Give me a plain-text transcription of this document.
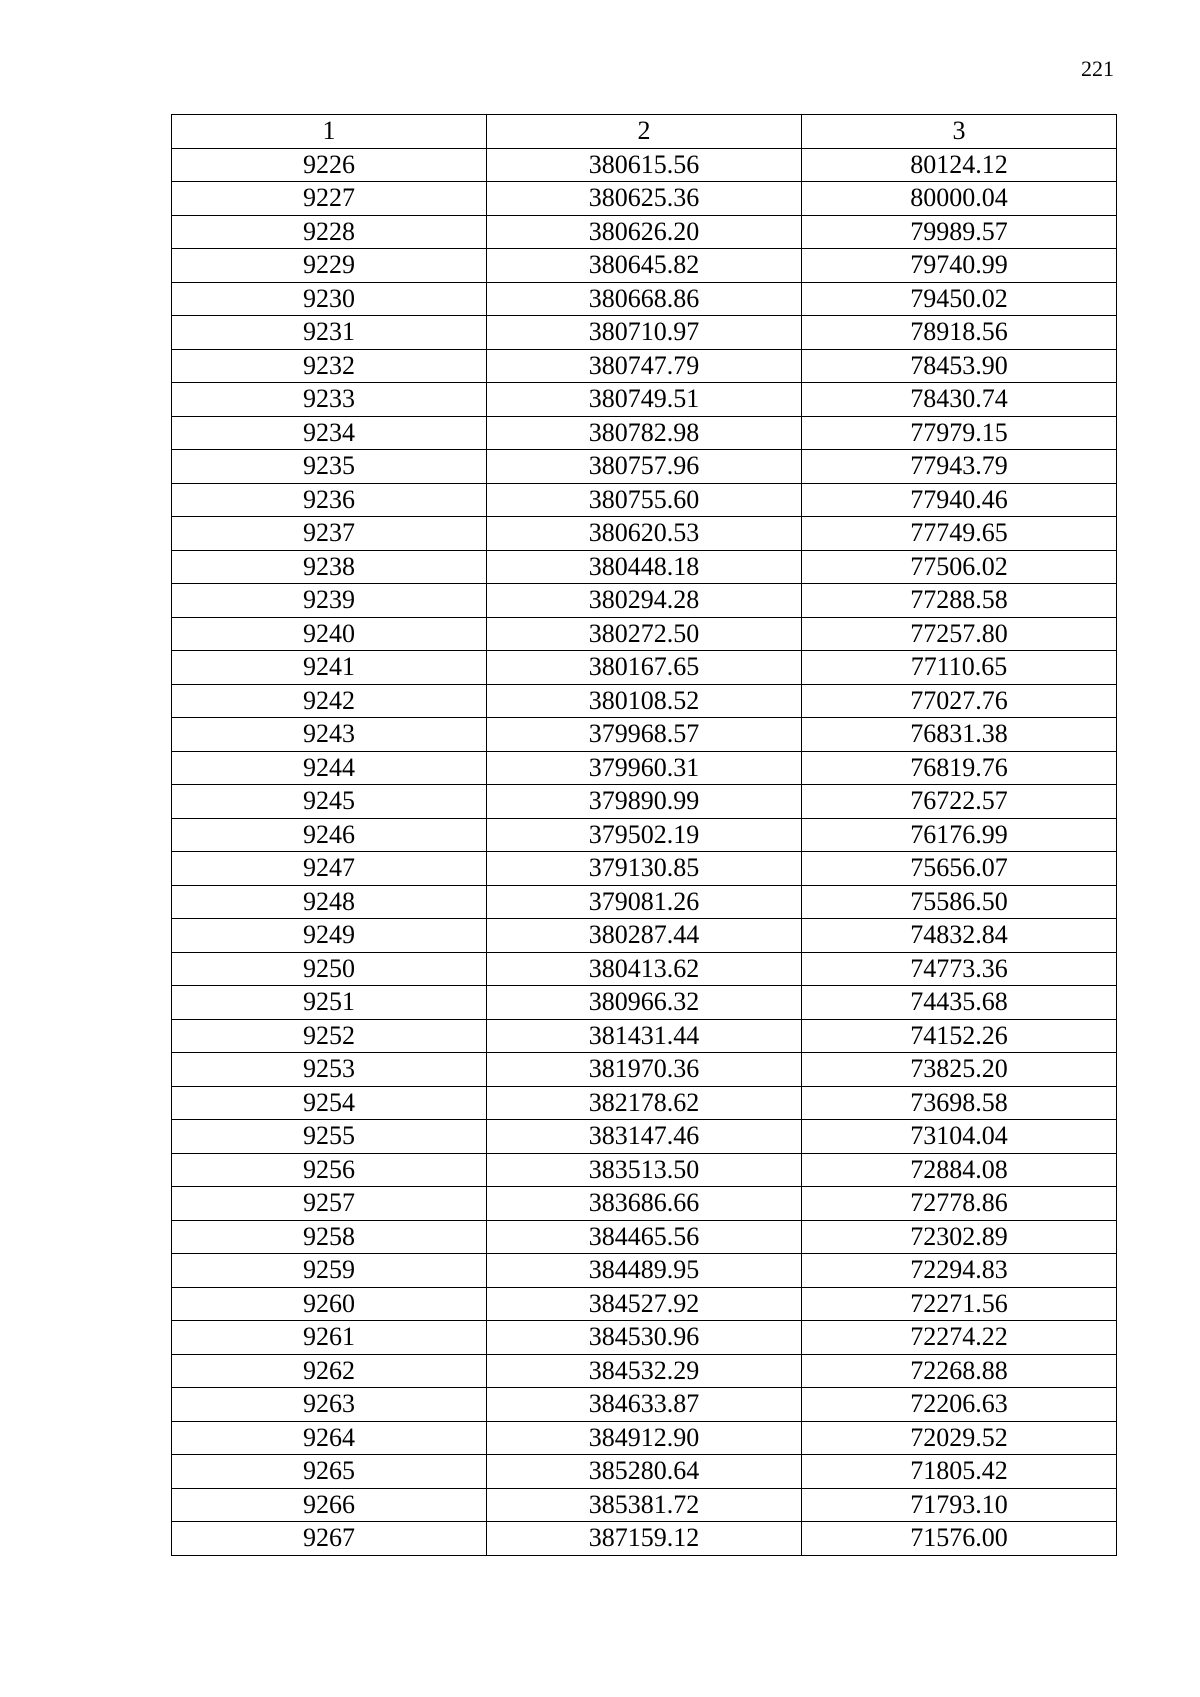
221
1	2	3
9226	380615.56	80124.12
9227	380625.36	80000.04
9228	380626.20	79989.57
9229	380645.82	79740.99
9230	380668.86	79450.02
9231	380710.97	78918.56
9232	380747.79	78453.90
9233	380749.51	78430.74
9234	380782.98	77979.15
9235	380757.96	77943.79
9236	380755.60	77940.46
9237	380620.53	77749.65
9238	380448.18	77506.02
9239	380294.28	77288.58
9240	380272.50	77257.80
9241	380167.65	77110.65
9242	380108.52	77027.76
9243	379968.57	76831.38
9244	379960.31	76819.76
9245	379890.99	76722.57
9246	379502.19	76176.99
9247	379130.85	75656.07
9248	379081.26	75586.50
9249	380287.44	74832.84
9250	380413.62	74773.36
9251	380966.32	74435.68
9252	381431.44	74152.26
9253	381970.36	73825.20
9254	382178.62	73698.58
9255	383147.46	73104.04
9256	383513.50	72884.08
9257	383686.66	72778.86
9258	384465.56	72302.89
9259	384489.95	72294.83
9260	384527.92	72271.56
9261	384530.96	72274.22
9262	384532.29	72268.88
9263	384633.87	72206.63
9264	384912.90	72029.52
9265	385280.64	71805.42
9266	385381.72	71793.10
9267	387159.12	71576.00
